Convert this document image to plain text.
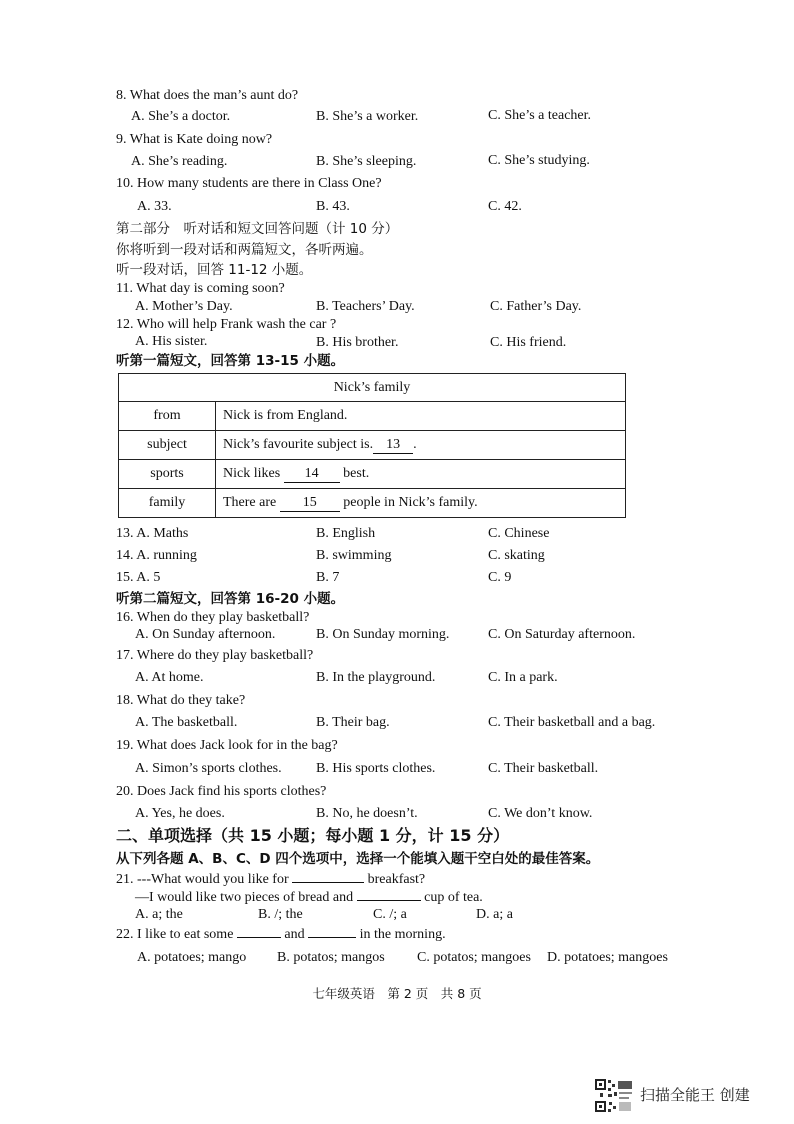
8. What does the man’s aunt do?
A. She’s a doctor.	B. She’s a worker.	C. She’s a teacher.
9. What is Kate doing now?
A. She’s reading.	B. She’s sleeping.	C. She’s studying.
10. How many students are there in Class One?
A. 33.	B. 43.	C. 42.
第二部分　听对话和短文回答问题（计 10 分）
你将听到一段对话和两篇短文，各听两遍。
听一段对话，回答 11-12 小题。
11. What day is coming soon?
A. Mother’s Day.	B. Teachers’ Day.	C. Father’s Day.
12. Who will help Frank wash the car ?
A. His sister.	B. His brother.	C. His friend.
听第一篇短文，回答第 13-15 小题。
Nick’s family	
from	Nick is from England.
subject	Nick’s favourite subject is. 13 .
sports	Nick likes 14 best.
family	There are 15 people in Nick’s family.
13. A. Maths	B. English	C. Chinese
14. A. running	B. swimming	C. skating
15. A. 5	B. 7	C. 9
听第二篇短文，回答第 16-20 小题。
16. When do they play basketball?
A. On Sunday afternoon.	B. On Sunday morning.	C. On Saturday afternoon.
17. Where do they play basketball?
A. At home.	B. In the playground.	C. In a park.
18. What do they take?
A. The basketball.	B. Their bag.	C. Their basketball and a bag.
19. What does Jack look for in the bag?
A. Simon’s sports clothes. B. His sports clothes.	C. Their basketball.
20. Does Jack find his sports clothes?
A. Yes, he does.	B. No, he doesn’t.	C. We don’t know.
二、单项选择（共 15 小题；每小题 1 分，计 15 分）
从下列各题 A、B、C、D 四个选项中，选择一个能填入题干空白处的最佳答案。
21. ---What would you like for	breakfast?
—I would like two pieces of bread and	cup of tea.
A. a; the	B. /; the	C. /; a	D. a; a
22. I like to eat some	and	in the morning.
A. potatoes; mango B. potatos; mangos C. potatos; mangoes D. potatoes; mangoes
七年级英语　第 2 页　共 8 页
扫描全能王 创建
